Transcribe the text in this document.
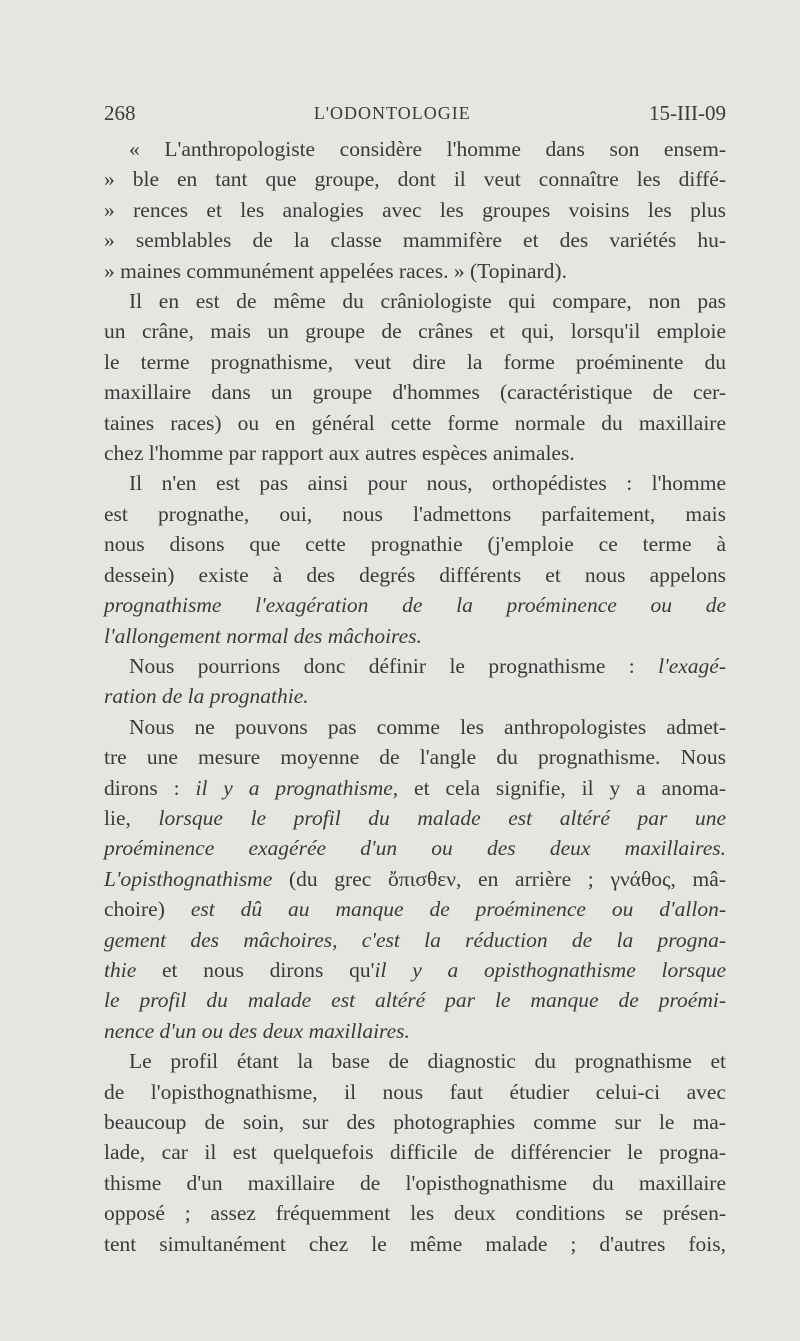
268	L'ODONTOLOGIE	15-III-09
« L'anthropologiste considère l'homme dans son ensem-
» ble en tant que groupe, dont il veut connaître les diffé-
» rences et les analogies avec les groupes voisins les plus
» semblables de la classe mammifère et des variétés hu-
» maines communément appelées races. » (Topinard).
Il en est de même du crâniologiste qui compare, non pas
un crâne, mais un groupe de crânes et qui, lorsqu'il emploie
le terme prognathisme, veut dire la forme proéminente du
maxillaire dans un groupe d'hommes (caractéristique de cer-
taines races) ou en général cette forme normale du maxillaire
chez l'homme par rapport aux autres espèces animales.
Il n'en est pas ainsi pour nous, orthopédistes : l'homme
est prognathe, oui, nous l'admettons parfaitement, mais
nous disons que cette prognathie (j'emploie ce terme à
dessein) existe à des degrés différents et nous appelons
prognathisme l'exagération de la proéminence ou de
l'allongement normal des mâchoires.
Nous pourrions donc définir le prognathisme : l'exagé-
ration de la prognathie.
Nous ne pouvons pas comme les anthropologistes admet-
tre une mesure moyenne de l'angle du prognathisme. Nous
dirons : il y a prognathisme, et cela signifie, il y a anoma-
lie, lorsque le profil du malade est altéré par une
proéminence exagérée d'un ou des deux maxillaires.
L'opisthognathisme (du grec ὄπισθεν, en arrière ; γνάθος, mâ-
choire) est dû au manque de proéminence ou d'allon-
gement des mâchoires, c'est la réduction de la progna-
thie et nous dirons qu'il y a opisthognathisme lorsque
le profil du malade est altéré par le manque de proémi-
nence d'un ou des deux maxillaires.
Le profil étant la base de diagnostic du prognathisme et
de l'opisthognathisme, il nous faut étudier celui-ci avec
beaucoup de soin, sur des photographies comme sur le ma-
lade, car il est quelquefois difficile de différencier le progna-
thisme d'un maxillaire de l'opisthognathisme du maxillaire
opposé ; assez fréquemment les deux conditions se présen-
tent simultanément chez le même malade ; d'autres fois,
